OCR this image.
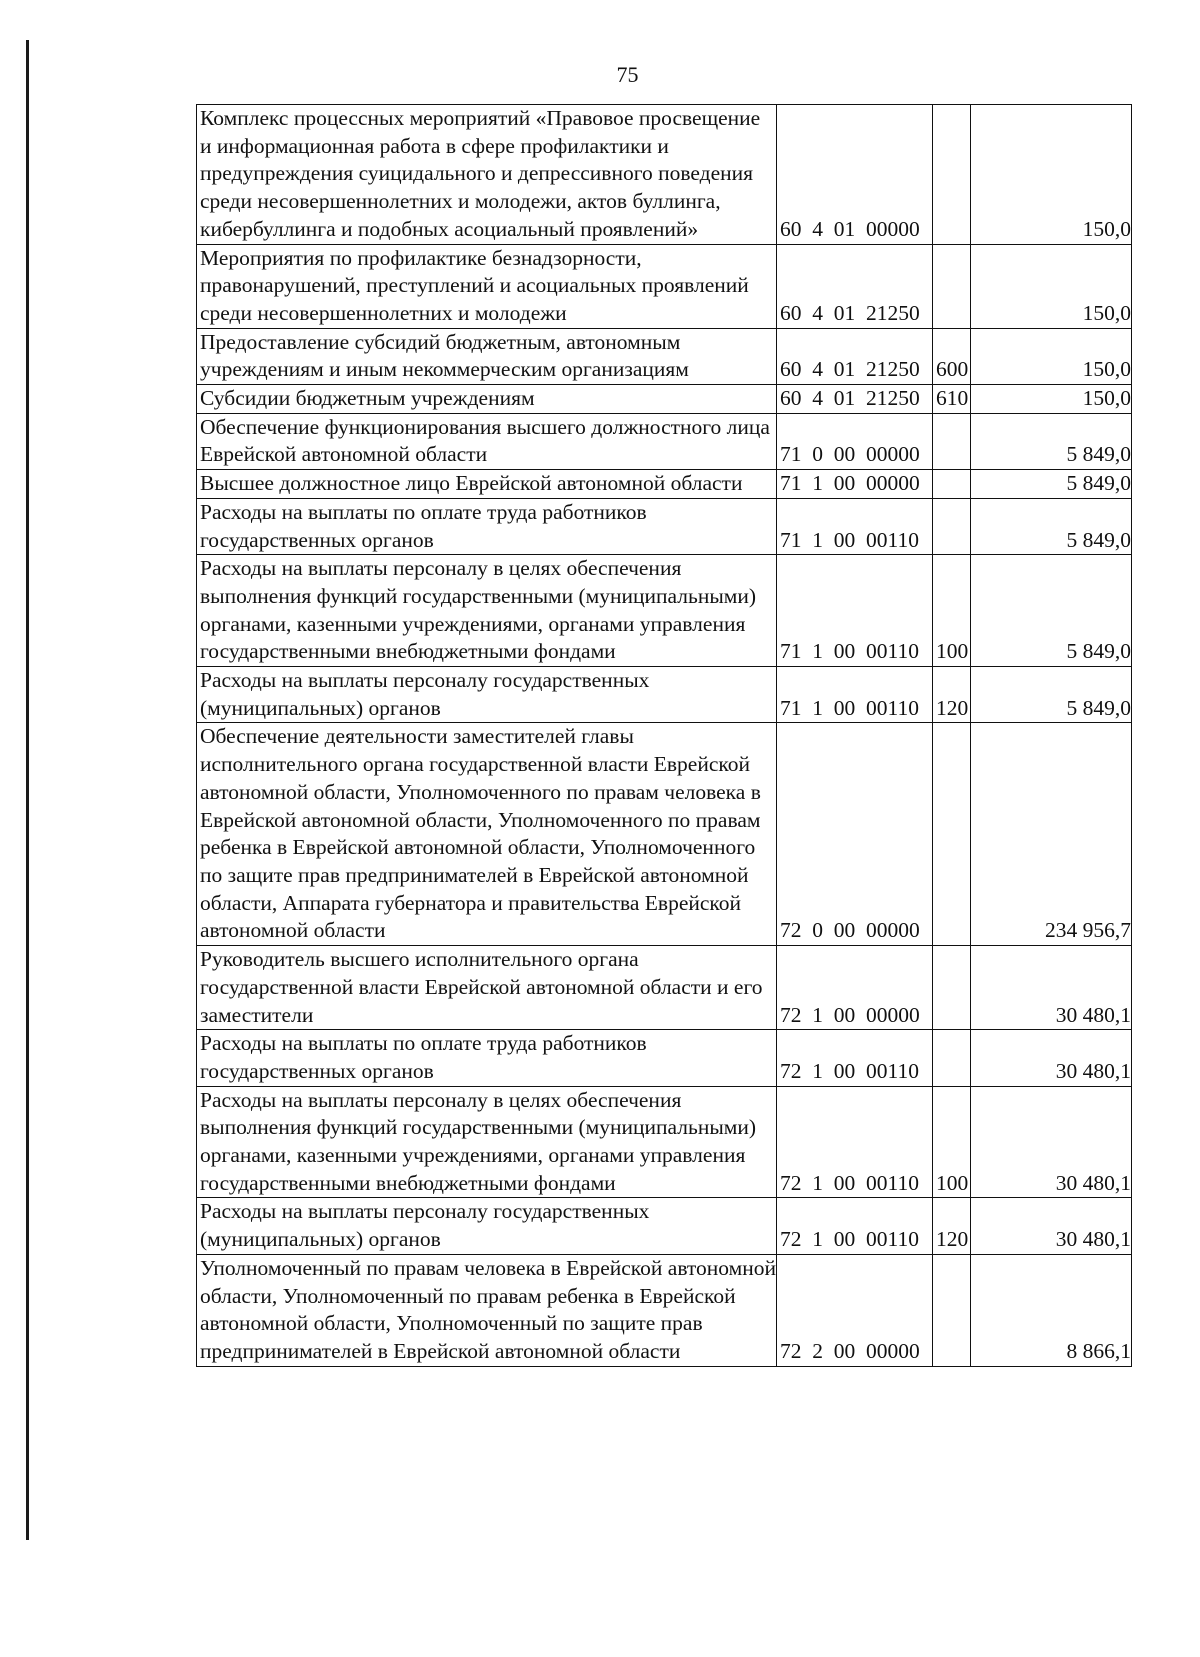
75
Комплекс процессных мероприятий «Правовое просвещение и информационная работа в сфере профилактики и предупреждения суицидального и депрессивного поведения среди несовершеннолетних и молодежи, актов буллинга, кибербуллинга и подобных асоциальный проявлений»	60  4  01  00000		150,0
Мероприятия по профилактике безнадзорности, правонарушений, преступлений и асоциальных проявлений среди несовершеннолетних и молодежи	60  4  01  21250		150,0
Предоставление субсидий бюджетным, автономным учреждениям и иным некоммерческим организациям	60  4  01  21250	600	150,0
Субсидии бюджетным учреждениям	60  4  01  21250	610	150,0
Обеспечение функционирования высшего должностного лица Еврейской автономной области	71  0  00  00000		5 849,0
Высшее должностное лицо Еврейской автономной области	71  1  00  00000		5 849,0
Расходы на выплаты по оплате труда работников государственных органов	71  1  00  00110		5 849,0
Расходы на выплаты персоналу в целях обеспечения выполнения функций государственными (муниципальными) органами, казенными учреждениями, органами управления государственными внебюджетными фондами	71  1  00  00110	100	5 849,0
Расходы на выплаты персоналу государственных (муниципальных) органов	71  1  00  00110	120	5 849,0
Обеспечение деятельности заместителей главы исполнительного органа государственной власти Еврейской автономной области, Уполномоченного по правам человека в Еврейской автономной области, Уполномоченного по правам ребенка в Еврейской автономной области, Уполномоченного по защите прав предпринимателей в Еврейской автономной области, Аппарата губернатора и правительства Еврейской автономной области	72  0  00  00000		234 956,7
Руководитель высшего исполнительного органа государственной власти Еврейской автономной области и его заместители	72  1  00  00000		30 480,1
Расходы на выплаты по оплате труда работников государственных органов	72  1  00  00110		30 480,1
Расходы на выплаты персоналу в целях обеспечения выполнения функций государственными (муниципальными) органами, казенными учреждениями, органами управления государственными внебюджетными фондами	72  1  00  00110	100	30 480,1
Расходы на выплаты персоналу государственных (муниципальных) органов	72  1  00  00110	120	30 480,1
Уполномоченный по правам человека в Еврейской автономной области, Уполномоченный по правам ребенка в Еврейской автономной области, Уполномоченный по защите прав предпринимателей в Еврейской автономной области	72  2  00  00000		8 866,1
